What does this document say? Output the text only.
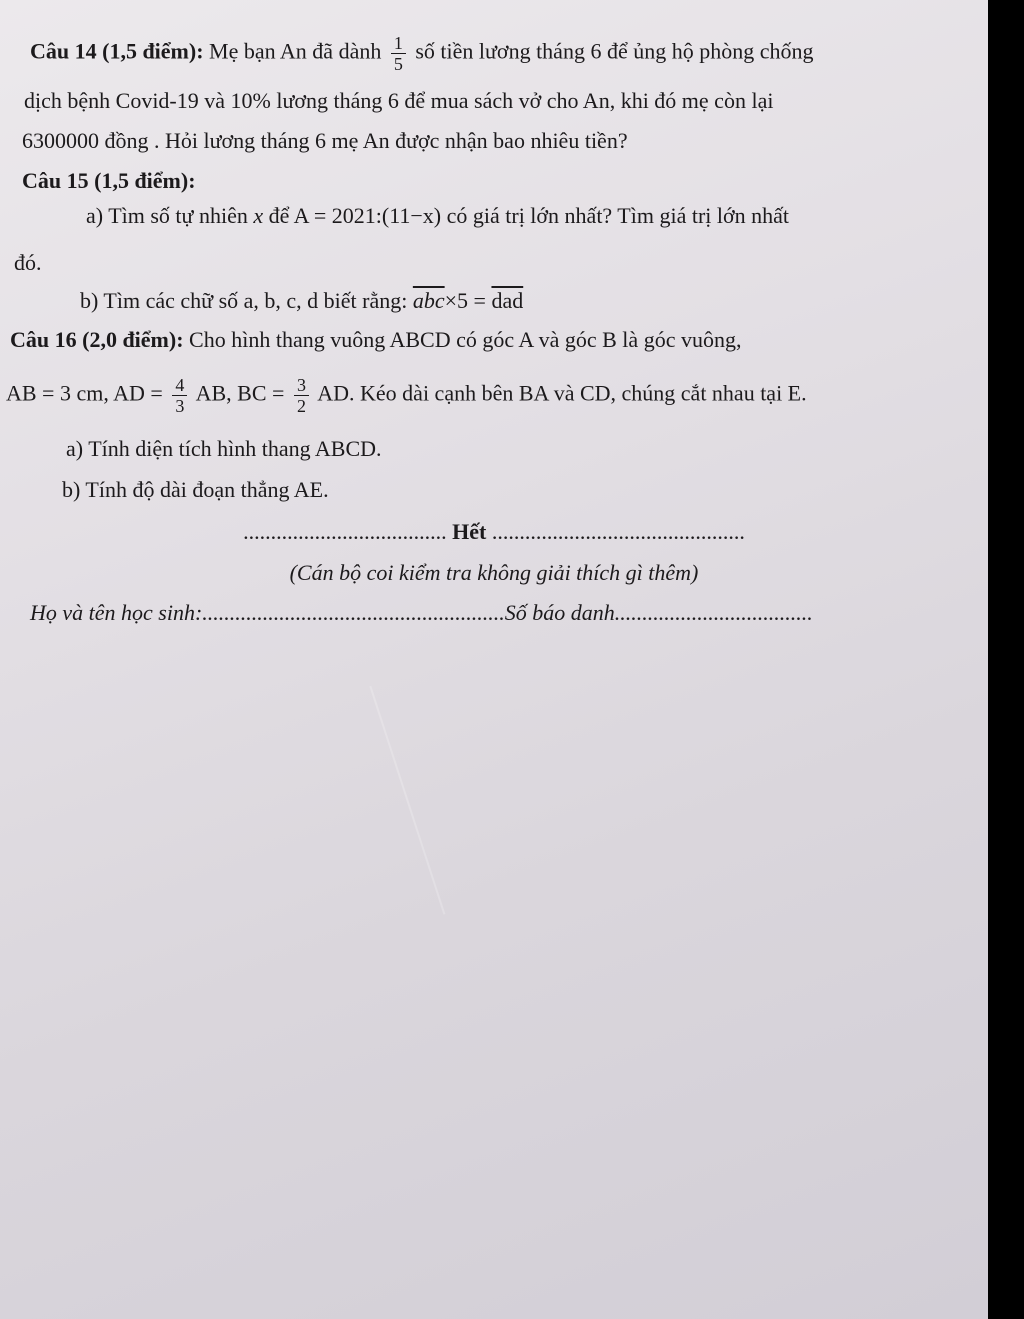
Câu 14 (1,5 điểm): Mẹ bạn An đã dành $\frac{1}{5}$ số tiền lương tháng 6 để ủng hộ phòng chống
dịch bệnh Covid-19 và 10% lương tháng 6 để mua sách vở cho An, khi đó mẹ còn lại
6300000 đồng . Hỏi lương tháng 6 mẹ An được nhận bao nhiêu tiền?
Câu 15 (1,5 điểm):
a) Tìm số tự nhiên x để A = 2021:(11−x) có giá trị lớn nhất? Tìm giá trị lớn nhất
đó.
b) Tìm các chữ số a, b, c, d biết rằng: $\overline{abc}\times 5 = \overline{dad}$
Câu 16 (2,0 điểm): Cho hình thang vuông ABCD có góc A và góc B là góc vuông,
AB = 3 cm, AD = $\frac{4}{3}$ AB, BC = $\frac{3}{2}$ AD. Kéo dài cạnh bên BA và CD, chúng cắt nhau tại E.
a) Tính diện tích hình thang ABCD.
b) Tính độ dài đoạn thẳng AE.
..................................... Hết ..............................................
(Cán bộ coi kiểm tra không giải thích gì thêm)
Họ và tên học sinh:.......................................................Số báo danh....................................
